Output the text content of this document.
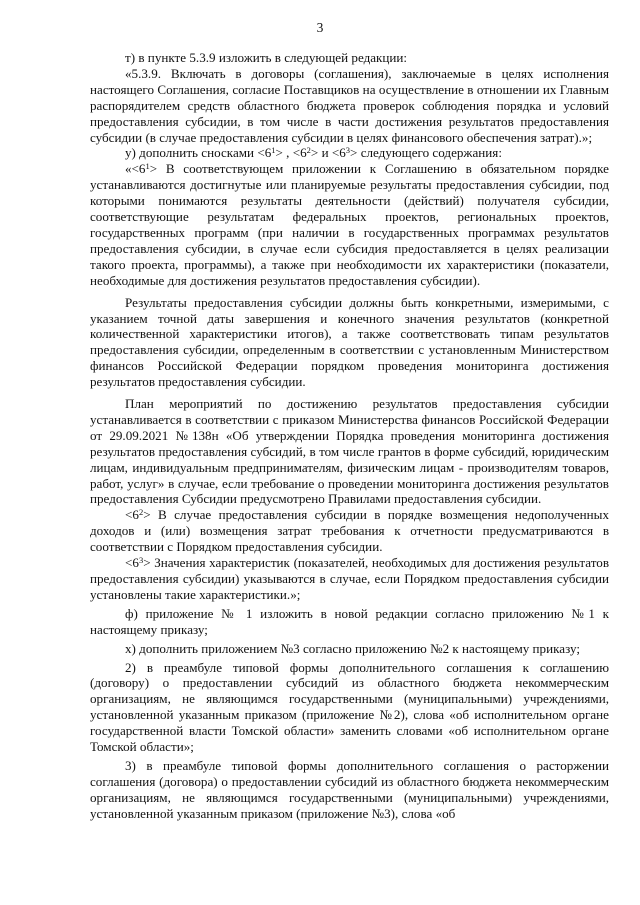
3

т) в пункте 5.3.9 изложить в следующей редакции:

«5.3.9. Включать в договоры (соглашения), заключаемые в целях исполнения настоящего Соглашения, согласие Поставщиков на осуществление в отношении их Главным распорядителем средств областного бюджета проверок соблюдения порядка и условий предоставления субсидии, в том числе в части достижения результатов предоставления субсидии (в случае предоставления субсидии в целях финансового обеспечения затрат).»;

у) дополнить сносками $<6^1>$ , $<6^2> и <6^3>$ следующего содержания:

«$<6^1> В$ соответствующем приложении к Соглашению в обязательном порядке устанавливаются достигнутые или планируемые результаты предоставления субсидии, под которыми понимаются результаты деятельности (действий) получателя субсидии, соответствующие результатам федеральных проектов, региональных проектов, государственных программ (при наличии в государственных программах результатов предоставления субсидии, в случае если субсидия предоставляется в целях реализации такого проекта, программы), а также при необходимости их характеристики (показатели, необходимые для достижения результатов предоставления субсидии).

Результаты предоставления субсидии должны быть конкретными, измеримыми, с указанием точной даты завершения и конечного значения результатов (конкретной количественной характеристики итогов), а также соответствовать типам результатов предоставления субсидии, определенным в соответствии с установленным Министерством финансов Российской Федерации порядком проведения мониторинга достижения результатов предоставления субсидии.

План мероприятий по достижению результатов предоставления субсидии устанавливается в соответствии с приказом Министерства финансов Российской Федерации от 29.09.2021 №138н «Об утверждении Порядка проведения мониторинга достижения результатов предоставления субсидий, в том числе грантов в форме субсидий, юридическим лицам, индивидуальным предпринимателям, физическим лицам - производителям товаров, работ, услуг» в случае, если требование о проведении мониторинга достижения результатов предоставления Субсидии предусмотрено Правилами предоставления субсидии.

$<6^2> В$ случае предоставления субсидии в порядке возмещения недополученных доходов и (или) возмещения затрат требования к отчетности предусматриваются в соответствии с Порядком предоставления субсидии.

$<6^3>$ Значения характеристик (показателей, необходимых для достижения результатов предоставления субсидии) указываются в случае, если Порядком предоставления субсидии установлены такие характеристики.»;

ф) приложение № 1 изложить в новой редакции согласно приложению №1 к настоящему приказу;

х) дополнить приложением №3 согласно приложению №2 к настоящему приказу;

2) в преамбуле типовой формы дополнительного соглашения к соглашению (договору) о предоставлении субсидий из областного бюджета некоммерческим организациям, не являющимся государственными (муниципальными) учреждениями, установленной указанным приказом (приложение №2), слова «об исполнительном органе государственной власти Томской области» заменить словами «об исполнительном органе Томской области»;

3) в преамбуле типовой формы дополнительного соглашения о расторжении соглашения (договора) о предоставлении субсидий из областного бюджета некоммерческим организациям, не являющимся государственными (муниципальными) учреждениями, установленной указанным приказом (приложение №3), слова «об
